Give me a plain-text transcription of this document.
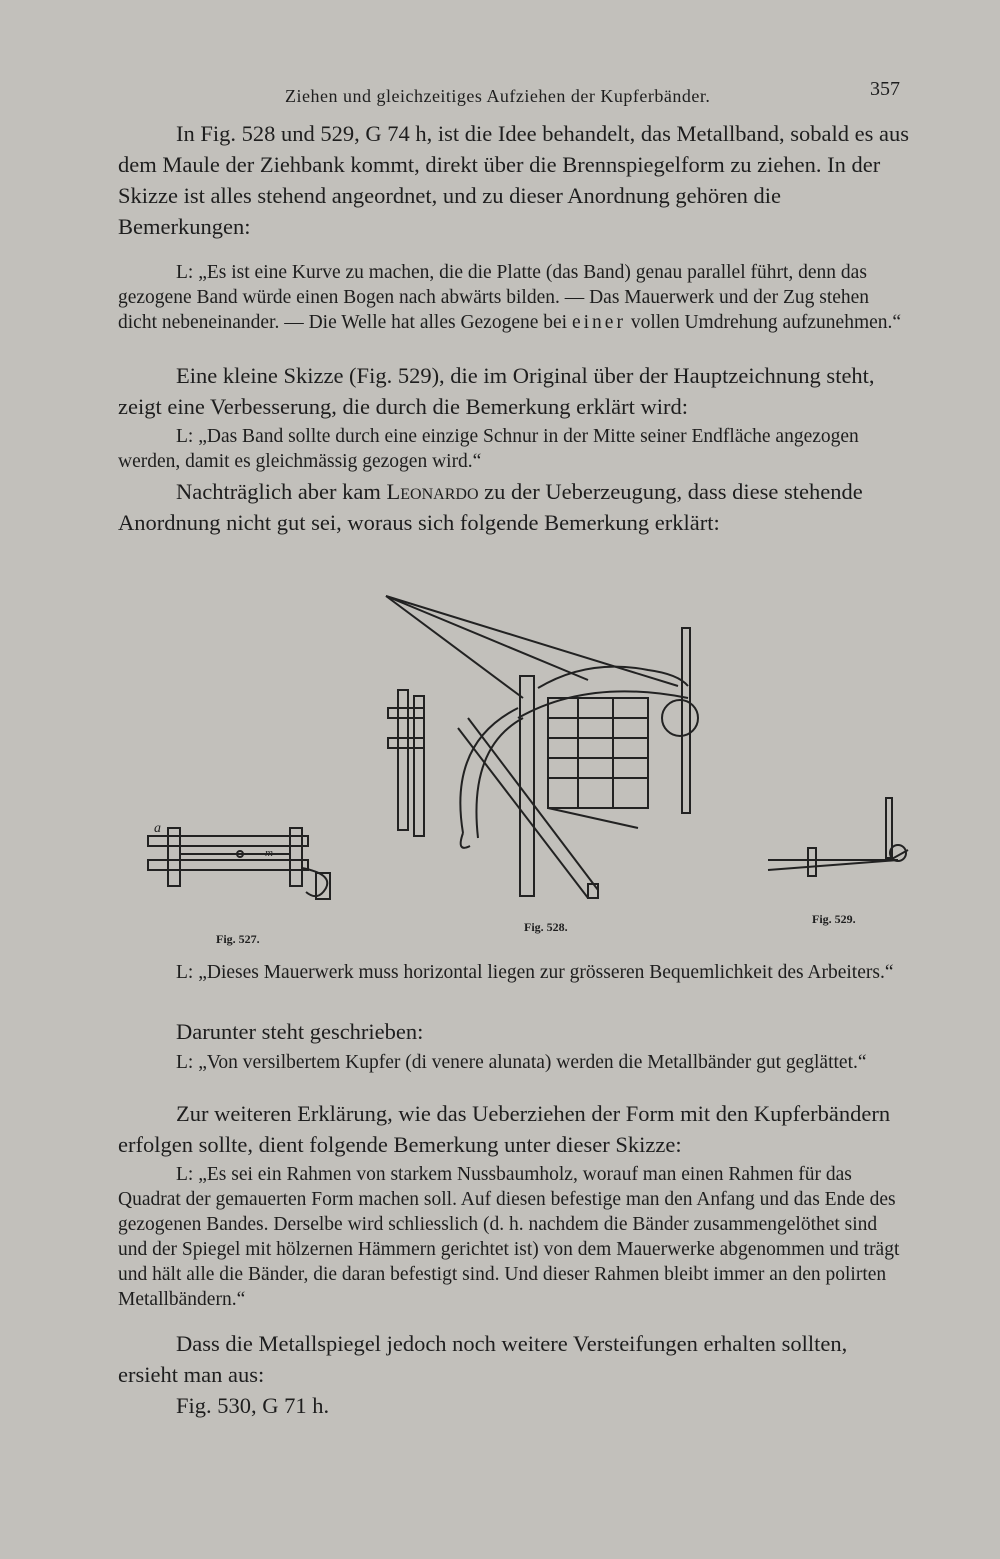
Ziehen und gleichzeitiges Aufziehen der Kupferbänder.	357

In Fig. 528 und 529, G 74 h, ist die Idee behandelt, das Metallband, sobald es aus dem Maule der Ziehbank kommt, direkt über die Brennspiegelform zu ziehen. In der Skizze ist alles stehend angeordnet, und zu dieser Anordnung gehören die Bemerkungen:

L: „Es ist eine Kurve zu machen, die die Platte (das Band) genau parallel führt, denn das gezogene Band würde einen Bogen nach abwärts bilden. — Das Mauerwerk und der Zug stehen dicht nebeneinander. — Die Welle hat alles Gezogene bei einer vollen Umdrehung aufzunehmen.“

Eine kleine Skizze (Fig. 529), die im Original über der Hauptzeichnung steht, zeigt eine Verbesserung, die durch die Bemerkung erklärt wird:

L: „Das Band sollte durch eine einzige Schnur in der Mitte seiner Endfläche angezogen werden, damit es gleichmässig gezogen wird.“

Nachträglich aber kam Leonardo zu der Ueberzeugung, dass diese stehende Anordnung nicht gut sei, woraus sich folgende Bemerkung erklärt:

a
m
Fig. 527.
Fig. 528.
Fig. 529.

L: „Dieses Mauerwerk muss horizontal liegen zur grösseren Bequemlichkeit des Arbeiters.“

Darunter steht geschrieben:

L: „Von versilbertem Kupfer (di venere alunata) werden die Metallbänder gut geglättet.“

Zur weiteren Erklärung, wie das Ueberziehen der Form mit den Kupferbändern erfolgen sollte, dient folgende Bemerkung unter dieser Skizze:

L: „Es sei ein Rahmen von starkem Nussbaumholz, worauf man einen Rahmen für das Quadrat der gemauerten Form machen soll. Auf diesen befestige man den Anfang und das Ende des gezogenen Bandes. Derselbe wird schliesslich (d. h. nachdem die Bänder zusammengelöthet sind und der Spiegel mit hölzernen Hämmern gerichtet ist) von dem Mauerwerke abgenommen und trägt und hält alle die Bänder, die daran befestigt sind. Und dieser Rahmen bleibt immer an den polirten Metallbändern.“

Dass die Metallspiegel jedoch noch weitere Versteifungen erhalten sollten, ersieht man aus:

Fig. 530, G 71 h.
